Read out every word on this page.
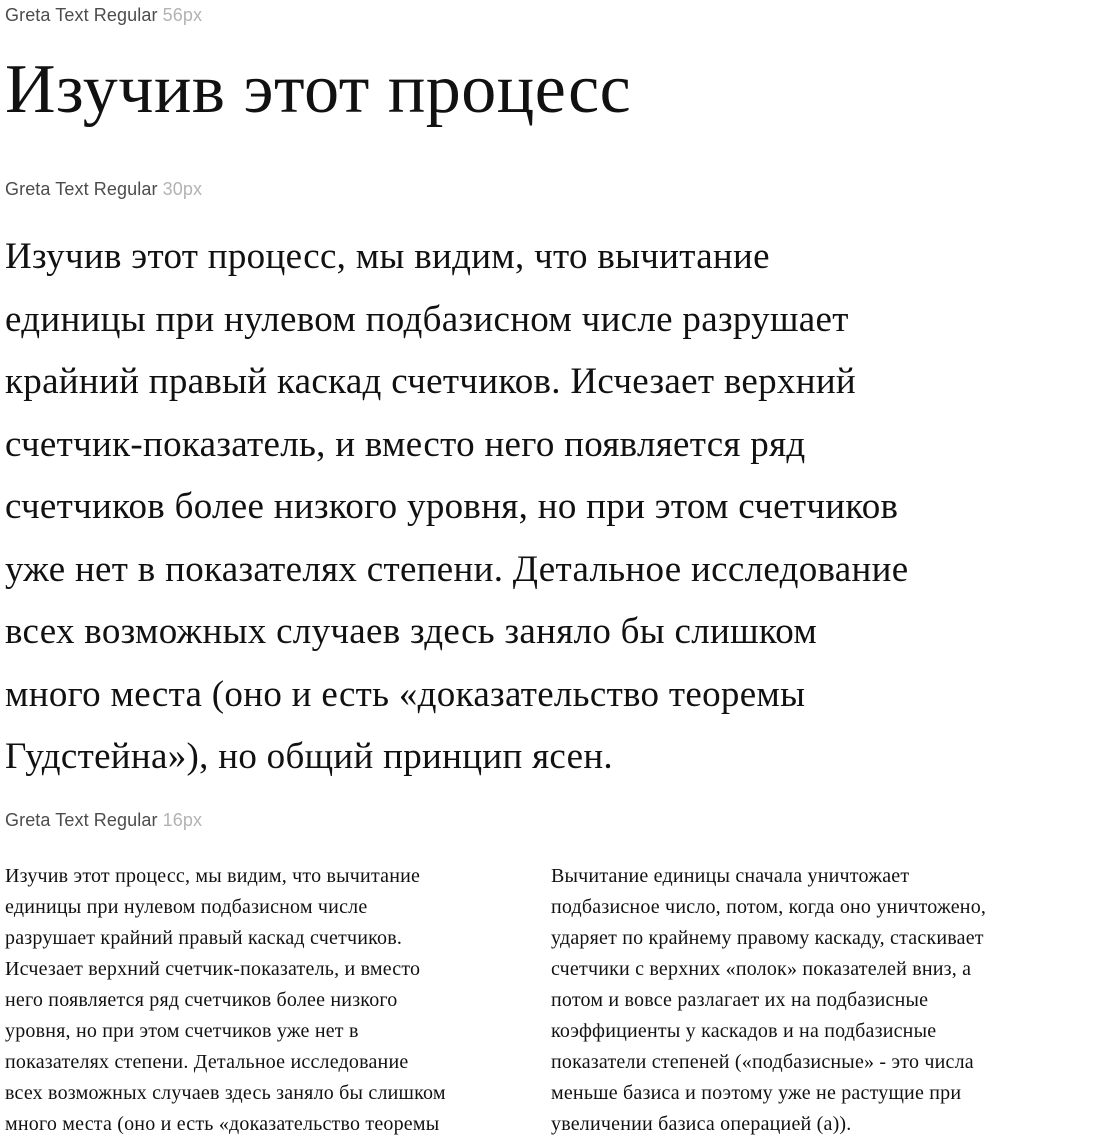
Greta Text Regular 56px
Изучив этот процесс
Greta Text Regular 30px
Изучив этот процесс, мы видим, что вычитание
единицы при нулевом подбазисном числе разрушает
крайний правый каскад счетчиков. Исчезает верхний
счетчик-показатель, и вместо него появляется ряд
счетчиков более низкого уровня, но при этом счетчиков
уже нет в показателях степени. Детальное исследование
всех возможных случаев здесь заняло бы слишком
много места (оно и есть «доказательство теоремы
Гудстейна»), но общий принцип ясен.
Greta Text Regular 16px
Изучив этот процесс, мы видим, что вычитание
единицы при нулевом подбазисном числе
разрушает крайний правый каскад счетчиков.
Исчезает верхний счетчик-показатель, и вместо
него появляется ряд счетчиков более низкого
уровня, но при этом счетчиков уже нет в
показателях степени. Детальное исследование
всех возможных случаев здесь заняло бы слишком
много места (оно и есть «доказательство теоремы
Вычитание единицы сначала уничтожает
подбазисное число, потом, когда оно уничтожено,
ударяет по крайнему правому каскаду, стаскивает
счетчики с верхних «полок» показателей вниз, а
потом и вовсе разлагает их на подбазисные
коэффициенты у каскадов и на подбазисные
показатели степеней («подбазисные» - это числа
меньше базиса и поэтому уже не растущие при
увеличении базиса операцией (a)).
